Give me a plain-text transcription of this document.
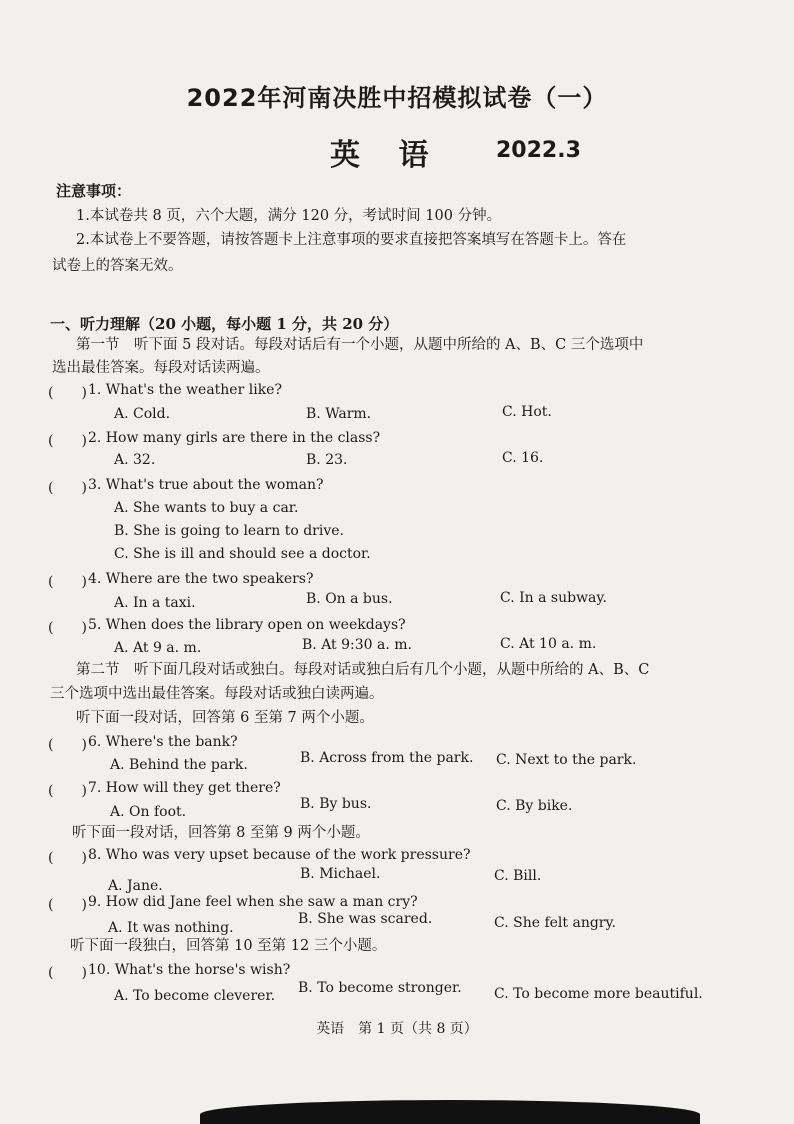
2022年河南决胜中招模拟试卷（一）
英 语 2022.3
注意事项：
1.本试卷共 8 页，六个大题，满分 120 分，考试时间 100 分钟。
2.本试卷上不要答题，请按答题卡上注意事项的要求直接把答案填写在答题卡上。答在
试卷上的答案无效。
一、听力理解（20 小题，每小题 1 分，共 20 分）
第一节　听下面 5 段对话。每段对话后有一个小题，从题中所给的 A、B、C 三个选项中
选出最佳答案。每段对话读两遍。
(　　) 1. What's the weather like?
A. Cold.	B. Warm.	C. Hot.
(　　) 2. How many girls are there in the class?
A. 32.	B. 23.	C. 16.
(　　) 3. What's true about the woman?
A. She wants to buy a car.
B. She is going to learn to drive.
C. She is ill and should see a doctor.
(　　) 4. Where are the two speakers?
A. In a taxi.	B. On a bus.	C. In a subway.
(　　) 5. When does the library open on weekdays?
A. At 9 a. m.	B. At 9:30 a. m.	C. At 10 a. m.
第二节　听下面几段对话或独白。每段对话或独白后有几个小题，从题中所给的 A、B、C
三个选项中选出最佳答案。每段对话或独白读两遍。
听下面一段对话，回答第 6 至第 7 两个小题。
(　　) 6. Where's the bank?
A. Behind the park.	B. Across from the park. C. Next to the park.
(　　) 7. How will they get there?
A. On foot.	B. By bus.	C. By bike.
听下面一段对话，回答第 8 至第 9 两个小题。
(　　) 8. Who was very upset because of the work pressure?
A. Jane.
B. Michael.	C. Bill.
(　　) 9. How did Jane feel when she saw a man cry?
A. It was nothing.
B. She was scared.	C. She felt angry.
听下面一段独白，回答第 10 至第 12 三个小题。
(　　) 10. What's the horse's wish?
A. To become cleverer. B. To become stronger. C. To become more beautiful.
英语　第 1 页（共 8 页）
